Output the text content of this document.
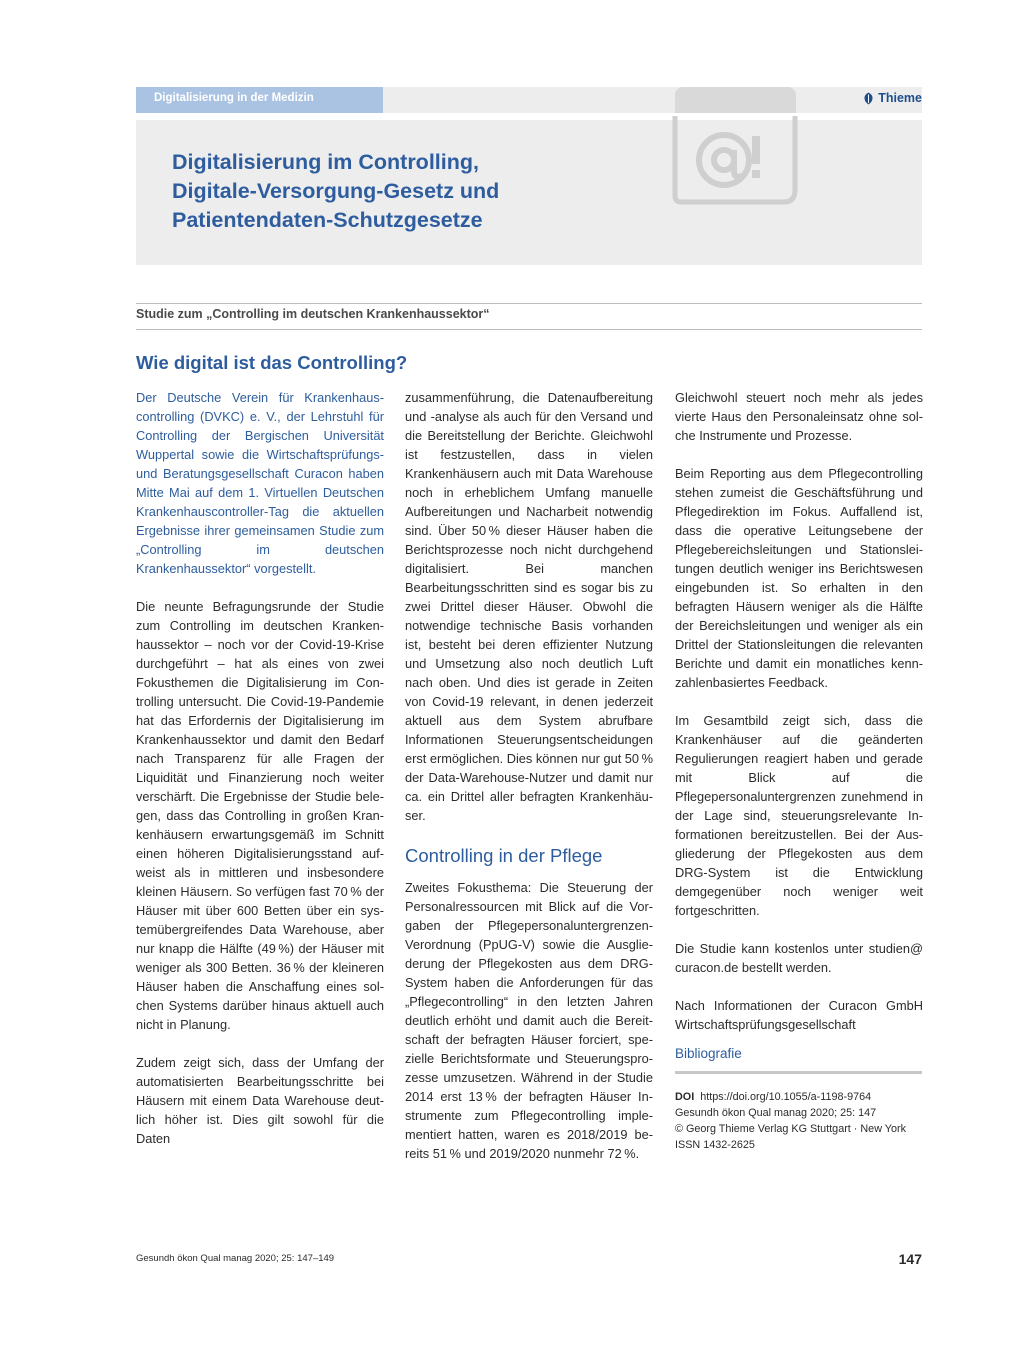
Digitalisierung in der Medizin	Thieme
Digitalisierung im Controlling,
Digitale-Versorgung-Gesetz und
Patientendaten-Schutzgesetze
Studie zum „Controlling im deutschen Krankenhaussektor“
Wie digital ist das Controlling?

Der Deutsche Verein für Krankenhauscontrolling (DVKC) e. V., der Lehrstuhl für Controlling der Bergischen Universität Wuppertal sowie die Wirtschaftsprüfungs- und Beratungsgesellschaft Curacon haben Mitte Mai auf dem 1. Virtuellen Deutschen Krankenhauscontroller-Tag die aktuellen Ergebnisse ihrer gemeinsamen Studie zum „Controlling im deutschen Krankenhaussektor“ vorgestellt.

Die neunte Befragungsrunde der Studie zum Controlling im deutschen Krankenhaussektor – noch vor der Covid-19-Krise durchgeführt – hat als eines von zwei Fokusthemen die Digitalisierung im Controlling untersucht. Die Covid-19-Pandemie hat das Erfordernis der Digitalisierung im Krankenhaussektor und damit den Bedarf nach Transparenz für alle Fragen der Liquidität und Finanzierung noch weiter verschärft. Die Ergebnisse der Studie belegen, dass das Controlling in großen Krankenhäusern erwartungsgemäß im Schnitt einen höheren Digitalisierungsstand aufweist als in mittleren und insbesondere kleinen Häusern. So verfügen fast 70 % der Häuser mit über 600 Betten über ein systemübergreifendes Data Warehouse, aber nur knapp die Hälfte (49 %) der Häuser mit weniger als 300 Betten. 36 % der kleineren Häuser haben die Anschaffung eines solchen Systems darüber hinaus aktuell auch nicht in Planung.

Zudem zeigt sich, dass der Umfang der automatisierten Bearbeitungsschritte bei Häusern mit einem Data Warehouse deutlich höher ist. Dies gilt sowohl für die Daten

zusammenführung, die Datenaufbereitung und -analyse als auch für den Versand und die Bereitstellung der Berichte. Gleichwohl ist festzustellen, dass in vielen Krankenhäusern auch mit Data Warehouse noch in erheblichem Umfang manuelle Aufbereitungen und Nacharbeit notwendig sind. Über 50 % dieser Häuser haben die Berichtsprozesse noch nicht durchgehend digitalisiert. Bei manchen Bearbeitungsschritten sind es sogar bis zu zwei Drittel dieser Häuser. Obwohl die notwendige technische Basis vorhanden ist, besteht bei deren effizienter Nutzung und Umsetzung also noch deutlich Luft nach oben. Und dies ist gerade in Zeiten von Covid-19 relevant, in denen jederzeit aktuell aus dem System abrufbare Informationen Steuerungsentscheidungen erst ermöglichen. Dies können nur gut 50 % der Data-Warehouse-Nutzer und damit nur ca. ein Drittel aller befragten Krankenhäuser.

Controlling in der Pflege

Zweites Fokusthema: Die Steuerung der Personalressourcen mit Blick auf die Vorgaben der Pflegepersonaluntergrenzen-Verordnung (PpUG-V) sowie die Ausgliederung der Pflegekosten aus dem DRG-System haben die Anforderungen für das „Pflegecontrolling“ in den letzten Jahren deutlich erhöht und damit auch die Bereitschaft der befragten Häuser forciert, spezielle Berichtsformate und Steuerungsprozesse umzusetzen. Während in der Studie 2014 erst 13 % der befragten Häuser Instrumente zum Pflegecontrolling implementiert hatten, waren es 2018/2019 bereits 51 % und 2019/2020 nunmehr 72 %.

Gleichwohl steuert noch mehr als jedes vierte Haus den Personaleinsatz ohne solche Instrumente und Prozesse.

Beim Reporting aus dem Pflegecontrolling stehen zumeist die Geschäftsführung und Pflegedirektion im Fokus. Auffallend ist, dass die operative Leitungsebene der Pflegebereichsleitungen und Stationsleitungen deutlich weniger ins Berichtswesen eingebunden ist. So erhalten in den befragten Häusern weniger als die Hälfte der Bereichsleitungen und weniger als ein Drittel der Stationsleitungen die relevanten Berichte und damit ein monatliches kennzahlenbasiertes Feedback.

Im Gesamtbild zeigt sich, dass die Krankenhäuser auf die geänderten Regulierungen reagiert haben und gerade mit Blick auf die Pflegepersonaluntergrenzen zunehmend in der Lage sind, steuerungsrelevante Informationen bereitzustellen. Bei der Ausgliederung der Pflegekosten aus dem DRG-System ist die Entwicklung demgegenüber noch weniger weit fortgeschritten.

Die Studie kann kostenlos unter studien@ curacon.de bestellt werden.

Nach Informationen der Curacon GmbH Wirtschaftsprüfungsgesellschaft

Bibliografie
DOI https://doi.org/10.1055/a-1198-9764
Gesundh ökon Qual manag 2020; 25: 147
© Georg Thieme Verlag KG Stuttgart · New York
ISSN 1432-2625
Gesundh ökon Qual manag 2020; 25: 147–149	147
